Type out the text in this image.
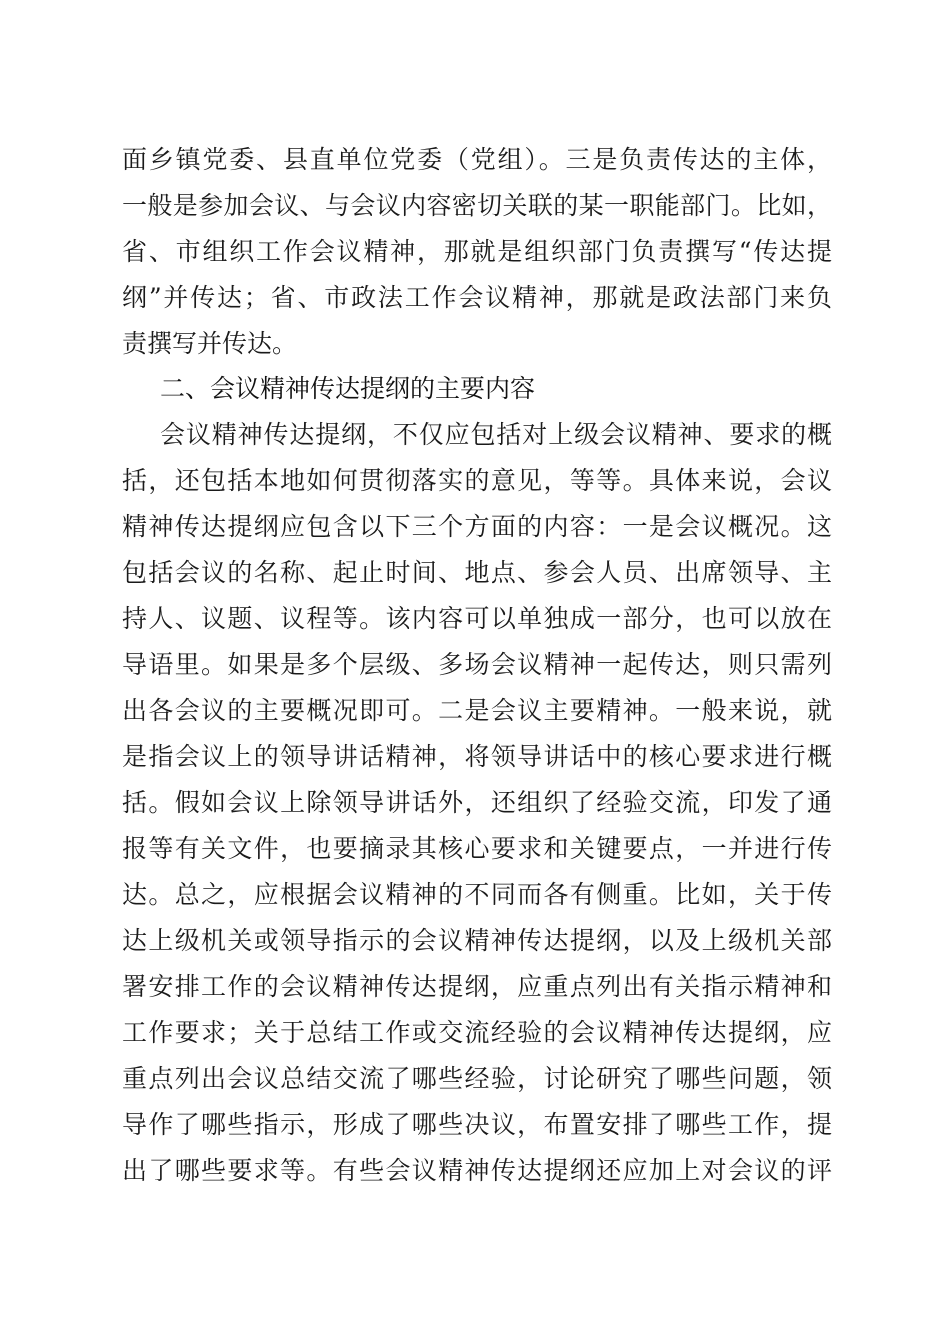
面乡镇党委、县直单位党委（党组）。三是负责传达的主体，
一般是参加会议、与会议内容密切关联的某一职能部门。比如，
省、市组织工作会议精神，那就是组织部门负责撰写“传达提
纲”并传达；省、市政法工作会议精神，那就是政法部门来负
责撰写并传达。
二、会议精神传达提纲的主要内容
会议精神传达提纲，不仅应包括对上级会议精神、要求的概
括，还包括本地如何贯彻落实的意见，等等。具体来说，会议
精神传达提纲应包含以下三个方面的内容：一是会议概况。这
包括会议的名称、起止时间、地点、参会人员、出席领导、主
持人、议题、议程等。该内容可以单独成一部分，也可以放在
导语里。如果是多个层级、多场会议精神一起传达，则只需列
出各会议的主要概况即可。二是会议主要精神。一般来说，就
是指会议上的领导讲话精神，将领导讲话中的核心要求进行概
括。假如会议上除领导讲话外，还组织了经验交流，印发了通
报等有关文件，也要摘录其核心要求和关键要点，一并进行传
达。总之，应根据会议精神的不同而各有侧重。比如，关于传
达上级机关或领导指示的会议精神传达提纲，以及上级机关部
署安排工作的会议精神传达提纲，应重点列出有关指示精神和
工作要求；关于总结工作或交流经验的会议精神传达提纲，应
重点列出会议总结交流了哪些经验，讨论研究了哪些问题，领
导作了哪些指示，形成了哪些决议，布置安排了哪些工作，提
出了哪些要求等。有些会议精神传达提纲还应加上对会议的评
